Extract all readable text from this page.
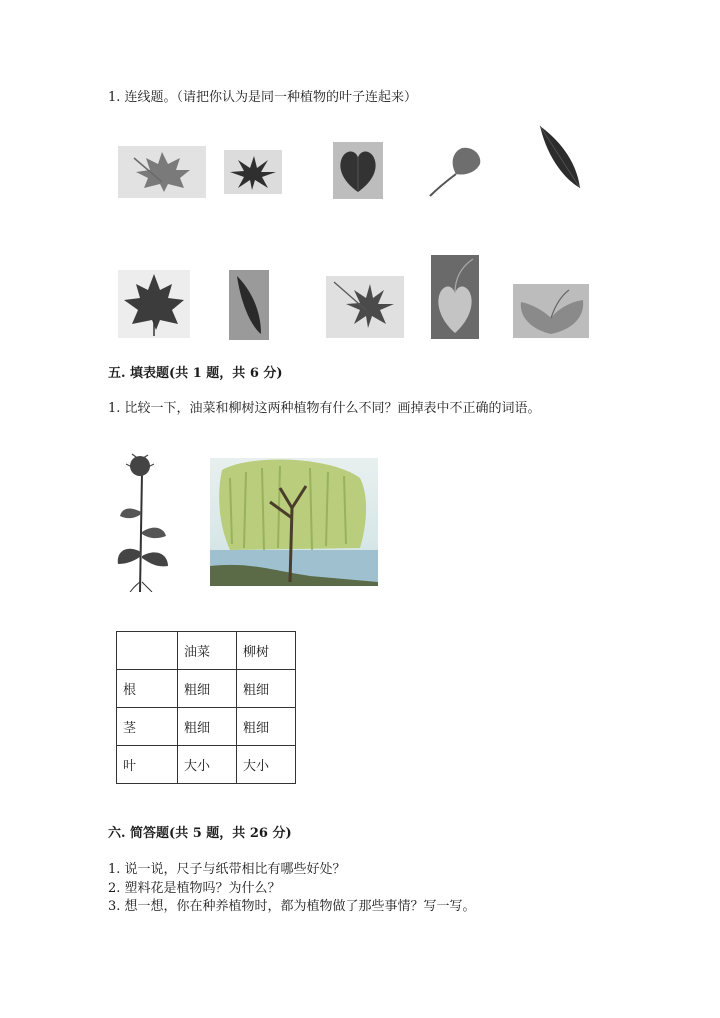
1. 连线题。（请把你认为是同一种植物的叶子连起来）
五. 填表题(共 1 题，共 6 分)
1. 比较一下，油菜和柳树这两种植物有什么不同？画掉表中不正确的词语。
	油菜	柳树
根	粗细	粗细
茎	粗细	粗细
叶	大小	大小
六. 简答题(共 5 题，共 26 分)
1. 说一说，尺子与纸带相比有哪些好处？
2. 塑料花是植物吗？为什么？
3. 想一想，你在种养植物时，都为植物做了那些事情？写一写。
